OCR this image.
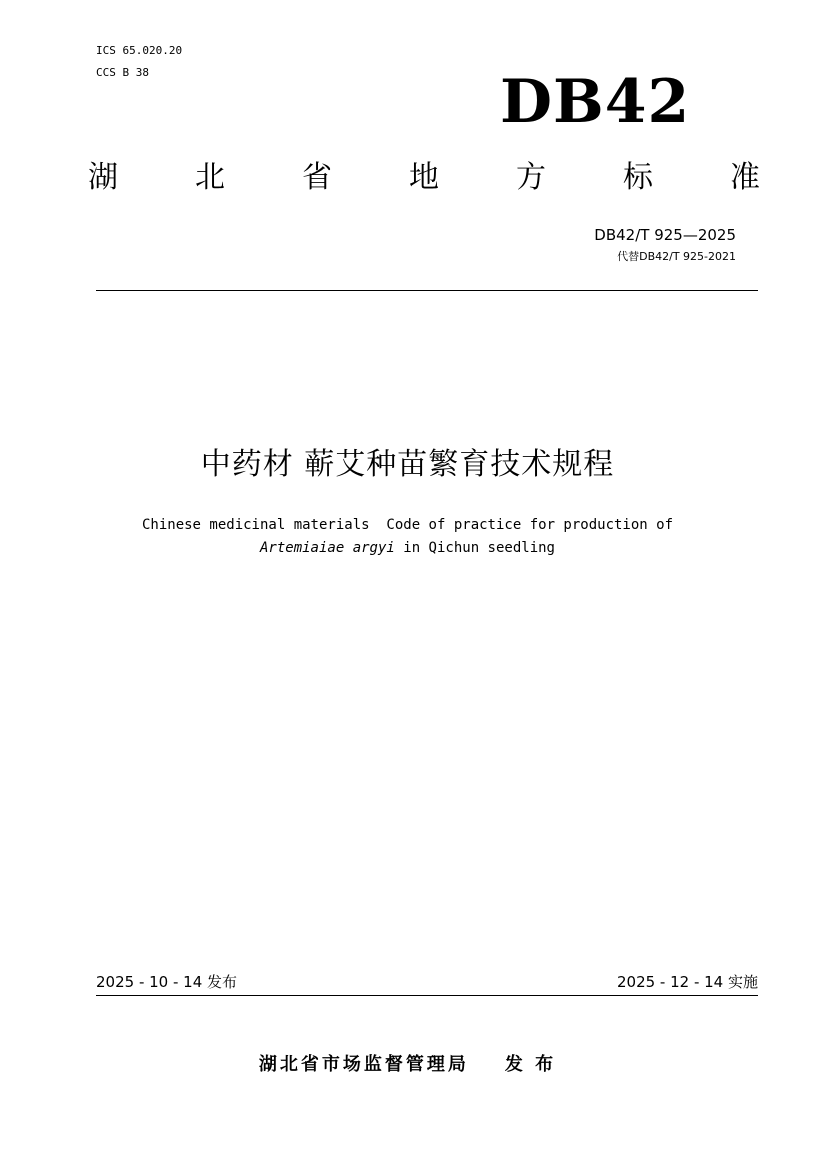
ICS 65.020.20
CCS B 38	DB42
湖	北	省	地	方	标	准
DB42/T 925—2025
代替DB42/T 925-2021
中药材 蕲艾种苗繁育技术规程
Chinese medicinal materials  Code of practice for production of
Artemiaiae argyi in Qichun seedling
2025 - 10 - 14 发布	2025 - 12 - 14 实施
湖北省市场监督管理局 发 布
